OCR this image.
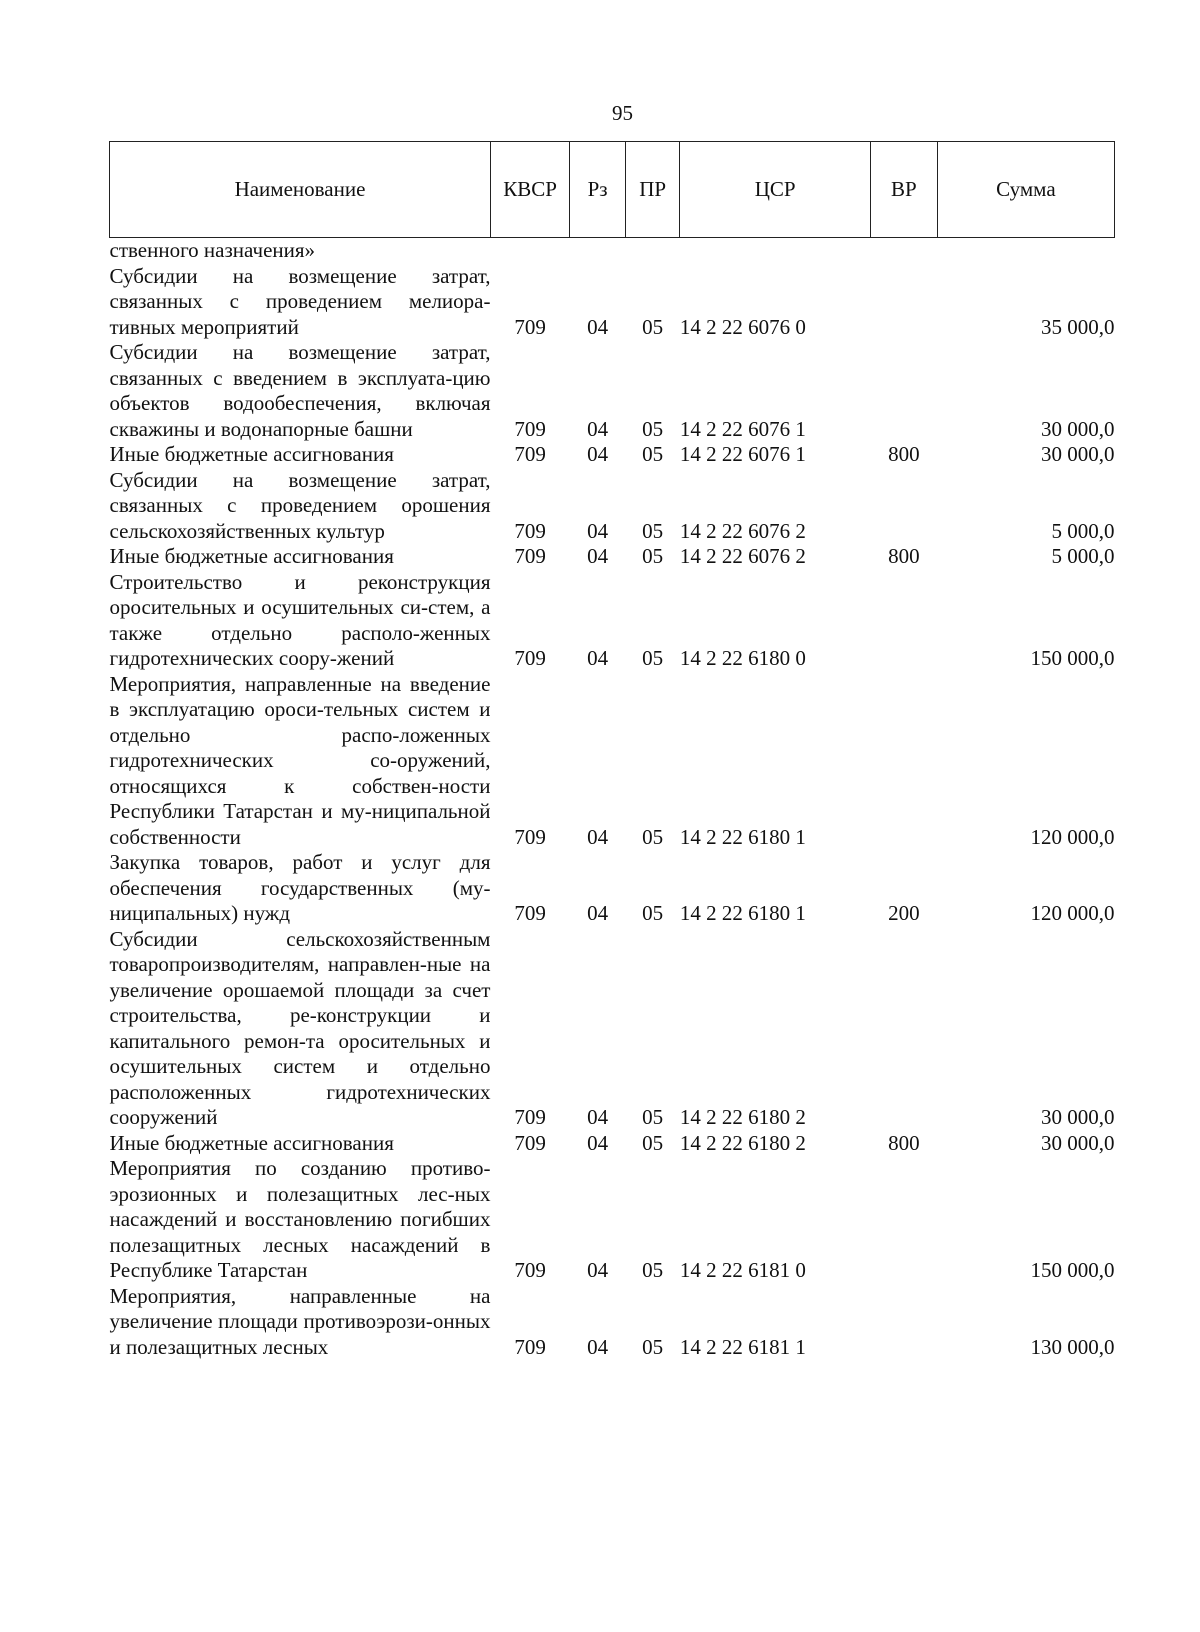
95
Наименование	КВСР	Рз	ПР	ЦСР	ВР	Сумма
ственного назначения»						
Субсидии на возмещение затрат, связанных с проведением мелиора-тивных мероприятий	709	04	05	14 2 22 6076 0		35 000,0
Субсидии на возмещение затрат, связанных с введением в эксплуата-цию объектов водообеспечения, включая скважины и водонапорные башни	709	04	05	14 2 22 6076 1		30 000,0
Иные бюджетные ассигнования	709	04	05	14 2 22 6076 1	800	30 000,0
Субсидии на возмещение затрат, связанных с проведением орошения сельскохозяйственных культур	709	04	05	14 2 22 6076 2		5 000,0
Иные бюджетные ассигнования	709	04	05	14 2 22 6076 2	800	5 000,0
Строительство и реконструкция оросительных и осушительных си-стем, а также отдельно располо-женных гидротехнических соору-жений	709	04	05	14 2 22 6180 0		150 000,0
Мероприятия, направленные на введение в эксплуатацию ороси-тельных систем и отдельно распо-ложенных гидротехнических со-оружений, относящихся к собствен-ности Республики Татарстан и му-ниципальной собственности	709	04	05	14 2 22 6180 1		120 000,0
Закупка товаров, работ и услуг для обеспечения государственных (му-ниципальных) нужд	709	04	05	14 2 22 6180 1	200	120 000,0
Субсидии сельскохозяйственным товаропроизводителям, направлен-ные на увеличение орошаемой площади за счет строительства, ре-конструкции и капитального ремон-та оросительных и осушительных систем и отдельно расположенных гидротехнических сооружений	709	04	05	14 2 22 6180 2		30 000,0
Иные бюджетные ассигнования	709	04	05	14 2 22 6180 2	800	30 000,0
Мероприятия по созданию противо-эрозионных и полезащитных лес-ных насаждений и восстановлению погибших полезащитных лесных насаждений в Республике Татарстан	709	04	05	14 2 22 6181 0		150 000,0
Мероприятия, направленные на увеличение площади противоэрози-онных и полезащитных лесных	709	04	05	14 2 22 6181 1		130 000,0
